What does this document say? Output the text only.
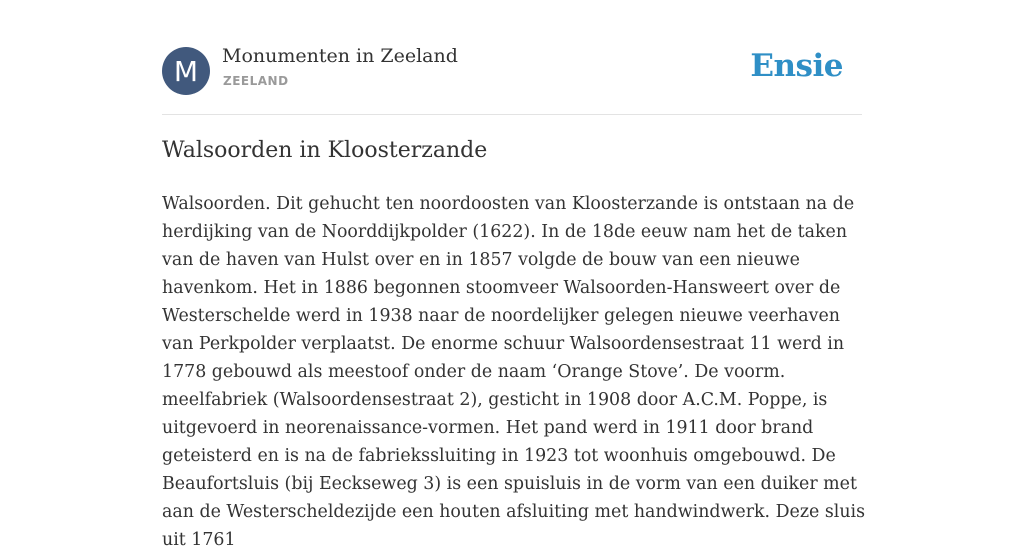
M	Monumenten in Zeeland
ZEELAND	Ensie
Walsoorden in Kloosterzande

Walsoorden. Dit gehucht ten noordoosten van Kloosterzande is ontstaan na de herdijking van de Noorddijkpolder (1622). In de 18de eeuw nam het de taken van de haven van Hulst over en in 1857 volgde de bouw van een nieuwe havenkom. Het in 1886 begonnen stoomveer Walsoorden-Hansweert over de Westerschelde werd in 1938 naar de noordelijker gelegen nieuwe veerhaven van Perkpolder verplaatst. De enorme schuur Walsoordensestraat 11 werd in 1778 gebouwd als meestoof onder de naam ‘Orange Stove’. De voorm. meelfabriek (Walsoordensestraat 2), gesticht in 1908 door A.C.M. Poppe, is uitgevoerd in neorenaissance-vormen. Het pand werd in 1911 door brand geteisterd en is na de fabriekssluiting in 1923 tot woonhuis omgebouwd. De Beaufortsluis (bij Eeckseweg 3) is een spuisluis in de vorm van een duiker met aan de Westerscheldezijde een houten afsluiting met handwindwerk. Deze sluis uit 1761
